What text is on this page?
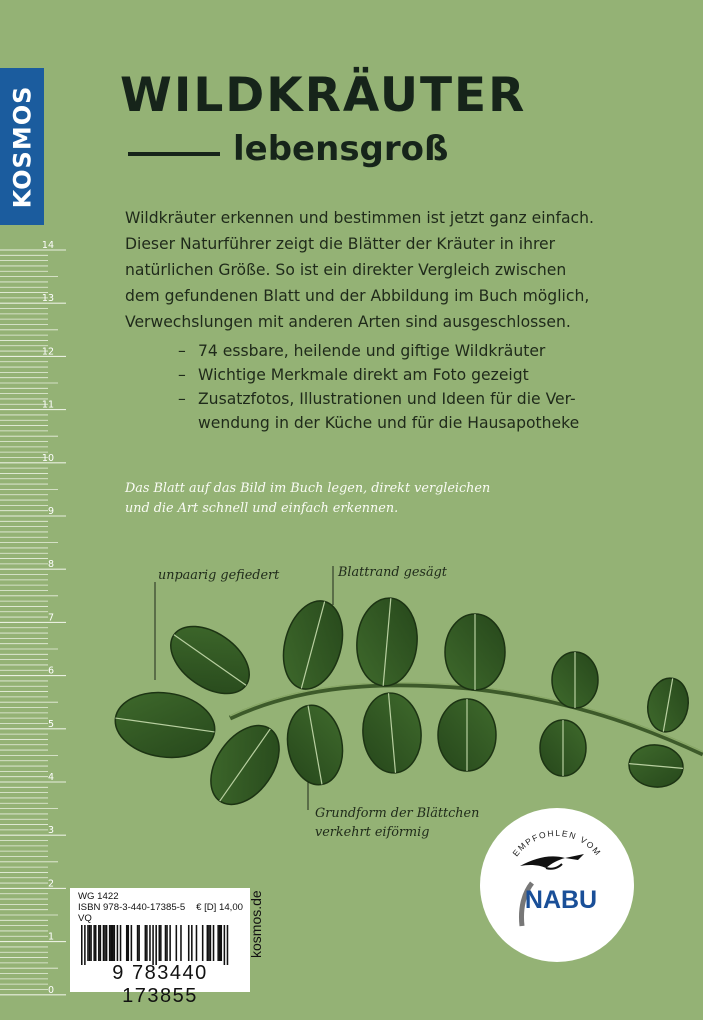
KOSMOS
14
13
12
11
10
9
8
7
6
5
4
3
2
1
0
WILDKRÄUTER
lebensgroß

Wildkräuter erkennen und bestimmen ist jetzt ganz einfach.
Dieser Naturführer zeigt die Blätter der Kräuter in ihrer
natürlichen Größe. So ist ein direkter Vergleich zwischen
dem gefundenen Blatt und der Abbildung im Buch möglich,
Verwechslungen mit anderen Arten sind ausgeschlossen.

– 74 essbare, heilende und giftige Wildkräuter
– Wichtige Merkmale direkt am Foto gezeigt
– Zusatzfotos, Illustrationen und Ideen für die Ver-
wendung in der Küche und für die Hausapotheke

Das Blatt auf das Bild im Buch legen, direkt vergleichen
und die Art schnell und einfach erkennen.

unpaarig gefiedert	Blattrand gesägt
Grundform der Blättchen
verkehrt eiförmig
EMPFOHLEN VOM
NABU
WG 1422
ISBN 978-3-440-17385-5 € [D] 14,00
VQ
9 783440 173855
kosmos.de
